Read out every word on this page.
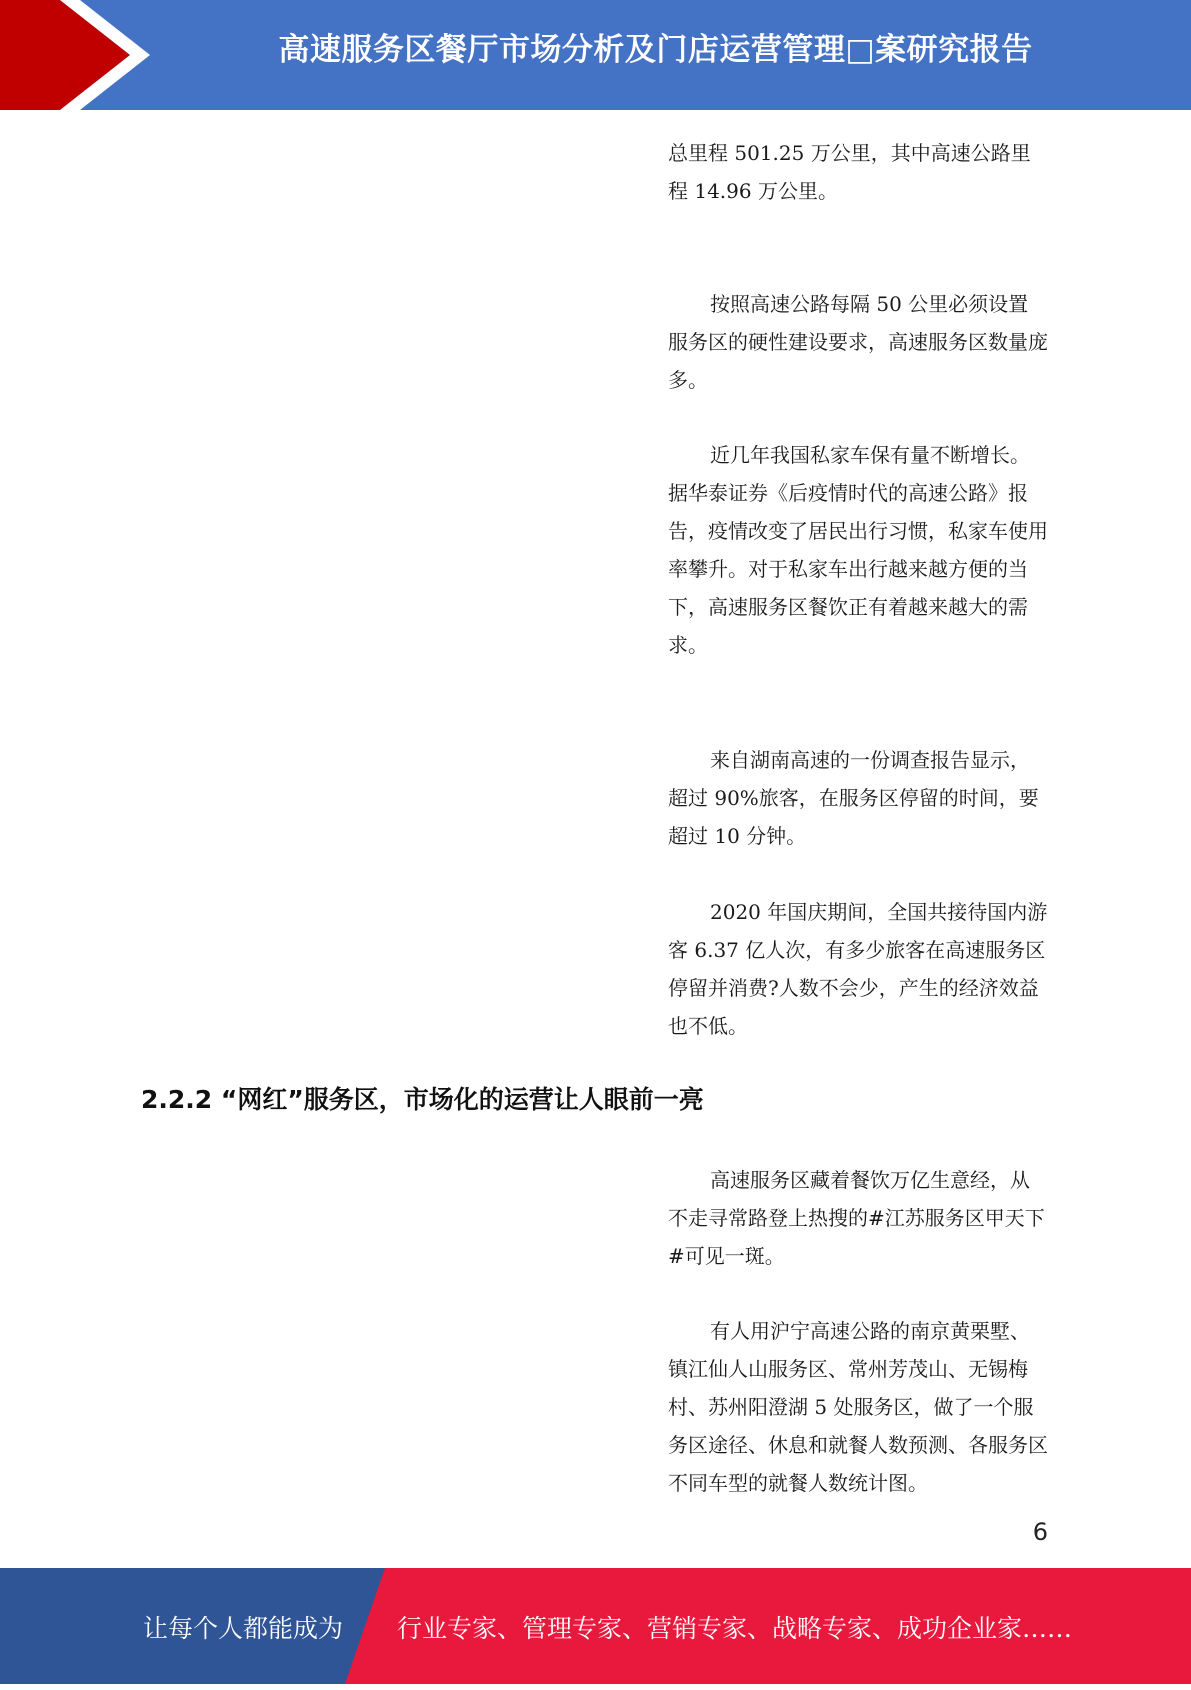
高速服务区餐厅市场分析及门店运营管理□案研究报告

总里程 501.25 万公里，其中高速公路里程 14.96 万公里。

按照高速公路每隔 50 公里必须设置服务区的硬性建设要求，高速服务区数量庞多。

近几年我国私家车保有量不断增长。据华泰证券《后疫情时代的高速公路》报告，疫情改变了居民出行习惯，私家车使用率攀升。对于私家车出行越来越方便的当下，高速服务区餐饮正有着越来越大的需求。

来自湖南高速的一份调查报告显示，超过 90%旅客，在服务区停留的时间，要超过 10 分钟。

2020 年国庆期间，全国共接待国内游客 6.37 亿人次，有多少旅客在高速服务区停留并消费?人数不会少，产生的经济效益也不低。

2.2.2 “网红”服务区，市场化的运营让人眼前一亮

高速服务区藏着餐饮万亿生意经，从不走寻常路登上热搜的#江苏服务区甲天下#可见一斑。

有人用沪宁高速公路的南京黄栗墅、镇江仙人山服务区、常州芳茂山、无锡梅村、苏州阳澄湖 5 处服务区，做了一个服务区途径、休息和就餐人数预测、各服务区不同车型的就餐人数统计图。

6
让每个人都能成为 行业专家、管理专家、营销专家、战略专家、成功企业家……
